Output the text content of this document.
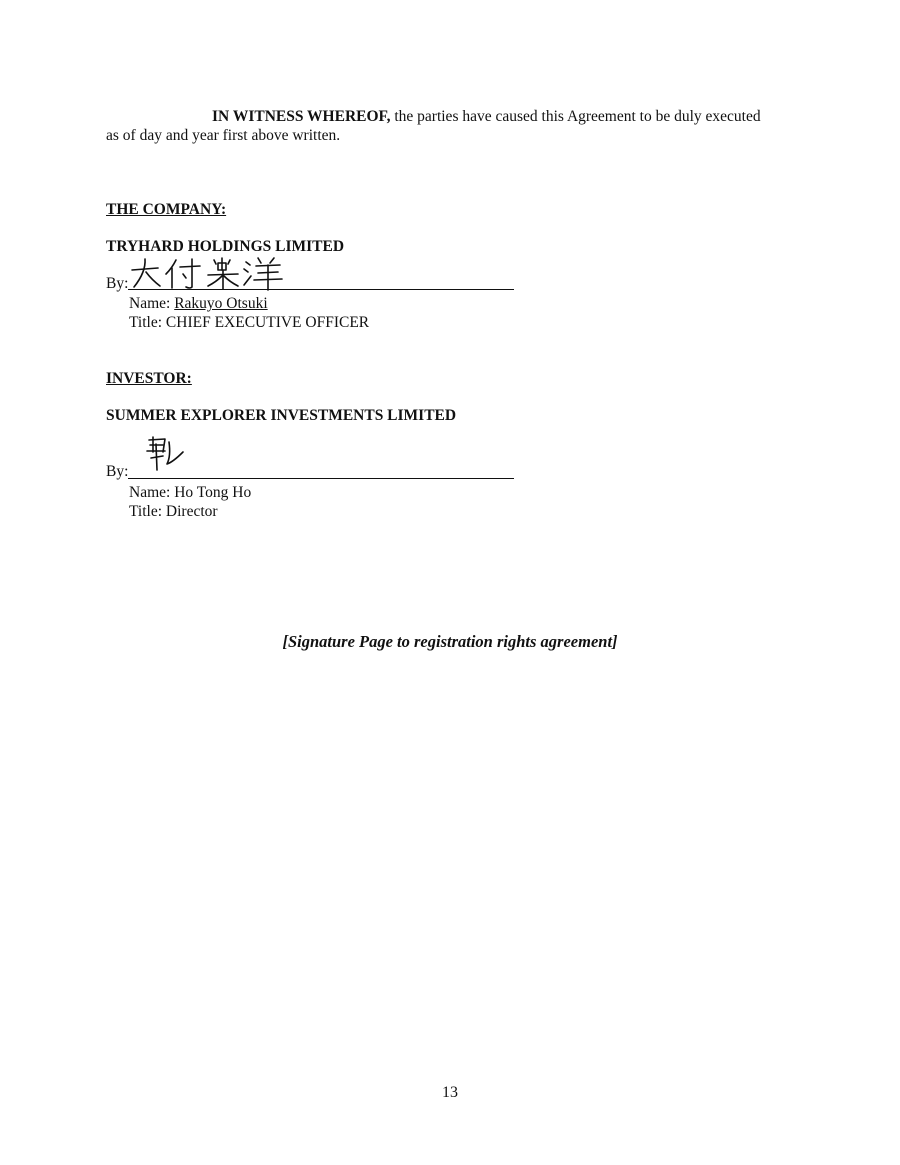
IN WITNESS WHEREOF, the parties have caused this Agreement to be duly executed
as of day and year first above written.
THE COMPANY:
TRYHARD HOLDINGS LIMITED
By:
Name: Rakuyo Otsuki
Title: CHIEF EXECUTIVE OFFICER
INVESTOR:
SUMMER EXPLORER INVESTMENTS LIMITED
By:
Name: Ho Tong Ho
Title: Director
[Signature Page to registration rights agreement]
13
